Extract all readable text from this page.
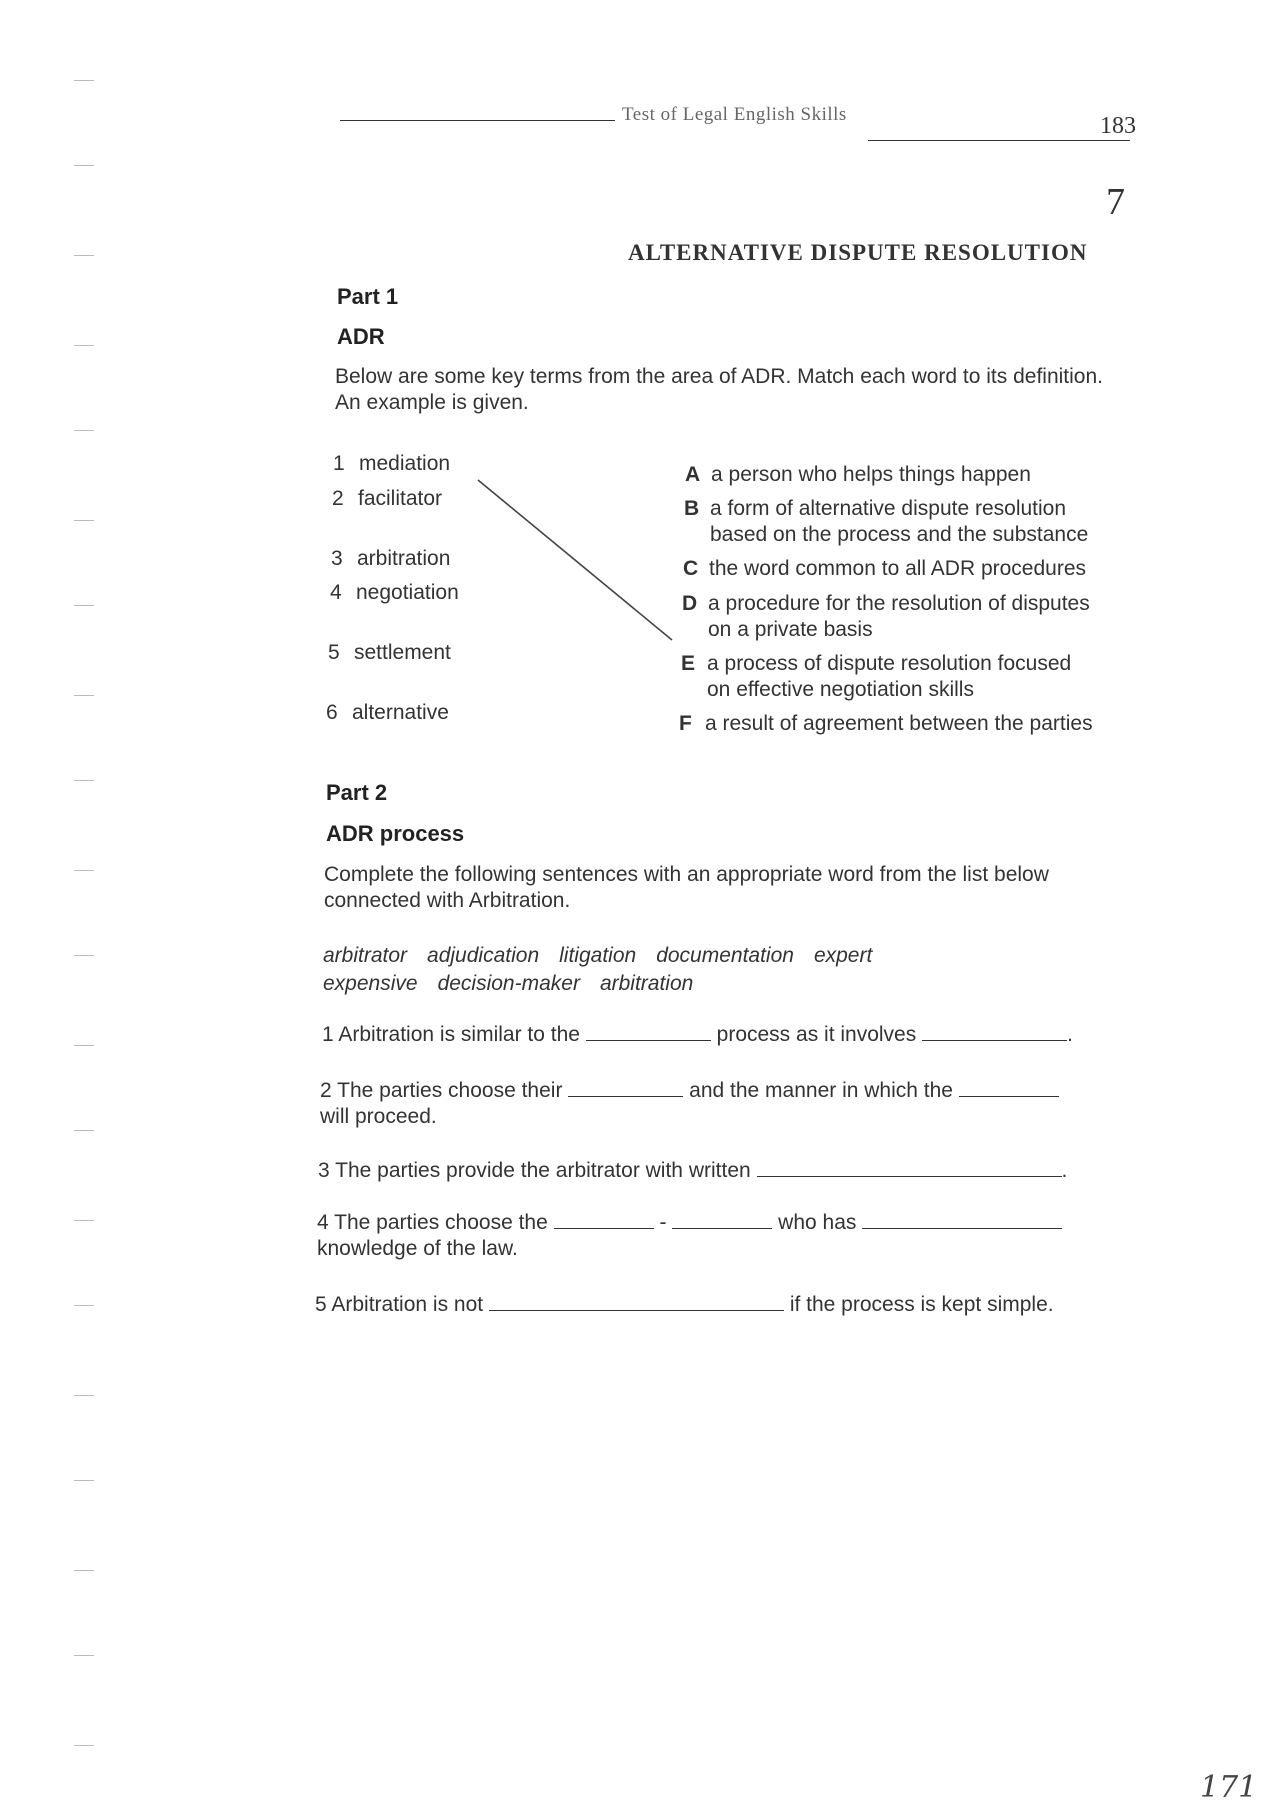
Test of Legal English Skills	183
7
ALTERNATIVE DISPUTE RESOLUTION
Part 1
ADR
Below are some key terms from the area of ADR. Match each word to its definition. An example is given.
1 mediation
2 facilitator
3 arbitration
4 negotiation
5 settlement
6 alternative
A a person who helps things happen
B a form of alternative dispute resolution
based on the process and the substance
C the word common to all ADR procedures
D a procedure for the resolution of disputes
on a private basis
E a process of dispute resolution focused
on effective negotiation skills
F a result of agreement between the parties
Part 2
ADR process
Complete the following sentences with an appropriate word from the list below connected with Arbitration.
arbitrator adjudication litigation documentation expert
expensive decision-maker arbitration
1 Arbitration is similar to the	process as it involves	.
2 The parties choose their	and the manner in which the
will proceed.
3 The parties provide the arbitrator with written	.
4 The parties choose the	-	who has
knowledge of the law.
5 Arbitration is not	if the process is kept simple.
171
